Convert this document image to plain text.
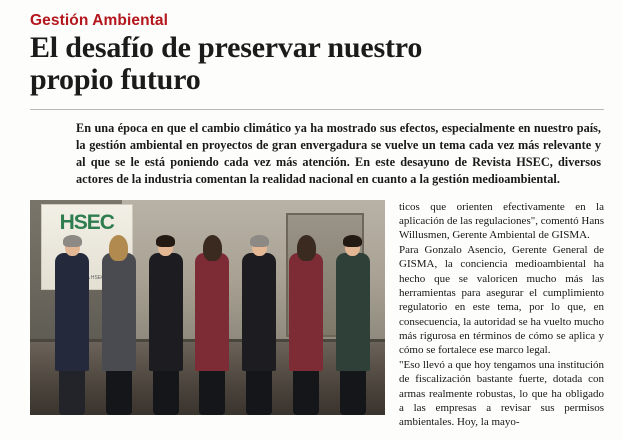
Gestión Ambiental
El desafío de preservar nuestro
propio futuro
En una época en que el cambio climático ya ha mostrado sus efectos, especialmente en nuestro país, la gestión ambiental en proyectos de gran envergadura se vuelve un tema cada vez más relevante y al que se le está poniendo cada vez más atención. En este desayuno de Revista HSEC, diversos actores de la industria comentan la realidad nacional en cuanto a la gestión medioambiental.
HSEC
HSEC

ticos que orienten efectivamente en la aplicación de las regulaciones", comentó Hans Willusmen, Gerente Ambiental de GISMA.

Para Gonzalo Asencio, Gerente General de GISMA, la conciencia medioambiental ha hecho que se valoricen mucho más las herramientas para asegurar el cumplimiento regulatorio en este tema, por lo que, en consecuencia, la autoridad se ha vuelto mucho más rigurosa en términos de cómo se aplica y cómo se fortalece ese marco legal.

"Eso llevó a que hoy tengamos una institución de fiscalización bastante fuerte, dotada con armas realmente robustas, lo que ha obligado a las empresas a revisar sus permisos ambientales. Hoy, la mayo-
